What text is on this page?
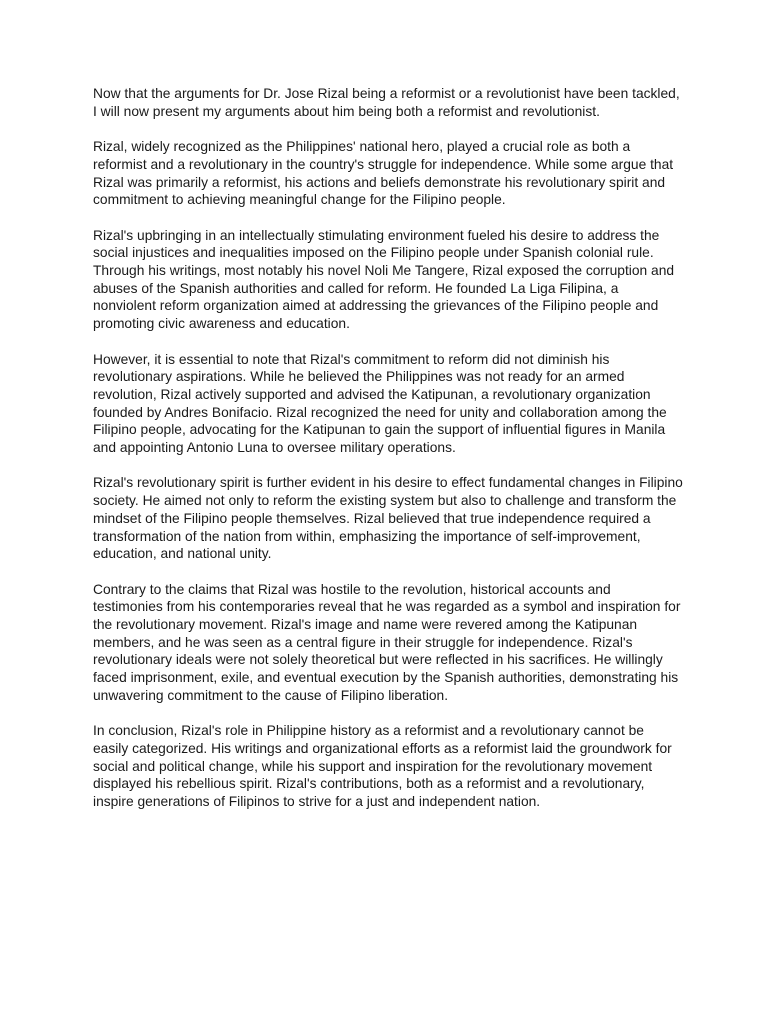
Now that the arguments for Dr. Jose Rizal being a reformist or a revolutionist have been tackled, I will now present my arguments about him being both a reformist and revolutionist.

Rizal, widely recognized as the Philippines' national hero, played a crucial role as both a reformist and a revolutionary in the country's struggle for independence. While some argue that Rizal was primarily a reformist, his actions and beliefs demonstrate his revolutionary spirit and commitment to achieving meaningful change for the Filipino people.

Rizal's upbringing in an intellectually stimulating environment fueled his desire to address the social injustices and inequalities imposed on the Filipino people under Spanish colonial rule. Through his writings, most notably his novel Noli Me Tangere, Rizal exposed the corruption and abuses of the Spanish authorities and called for reform. He founded La Liga Filipina, a nonviolent reform organization aimed at addressing the grievances of the Filipino people and promoting civic awareness and education.

However, it is essential to note that Rizal's commitment to reform did not diminish his revolutionary aspirations. While he believed the Philippines was not ready for an armed revolution, Rizal actively supported and advised the Katipunan, a revolutionary organization founded by Andres Bonifacio. Rizal recognized the need for unity and collaboration among the Filipino people, advocating for the Katipunan to gain the support of influential figures in Manila and appointing Antonio Luna to oversee military operations.

Rizal's revolutionary spirit is further evident in his desire to effect fundamental changes in Filipino society. He aimed not only to reform the existing system but also to challenge and transform the mindset of the Filipino people themselves. Rizal believed that true independence required a transformation of the nation from within, emphasizing the importance of self-improvement, education, and national unity.

Contrary to the claims that Rizal was hostile to the revolution, historical accounts and testimonies from his contemporaries reveal that he was regarded as a symbol and inspiration for the revolutionary movement. Rizal's image and name were revered among the Katipunan members, and he was seen as a central figure in their struggle for independence. Rizal's revolutionary ideals were not solely theoretical but were reflected in his sacrifices. He willingly faced imprisonment, exile, and eventual execution by the Spanish authorities, demonstrating his unwavering commitment to the cause of Filipino liberation.

In conclusion, Rizal's role in Philippine history as a reformist and a revolutionary cannot be easily categorized. His writings and organizational efforts as a reformist laid the groundwork for social and political change, while his support and inspiration for the revolutionary movement displayed his rebellious spirit. Rizal's contributions, both as a reformist and a revolutionary, inspire generations of Filipinos to strive for a just and independent nation.
